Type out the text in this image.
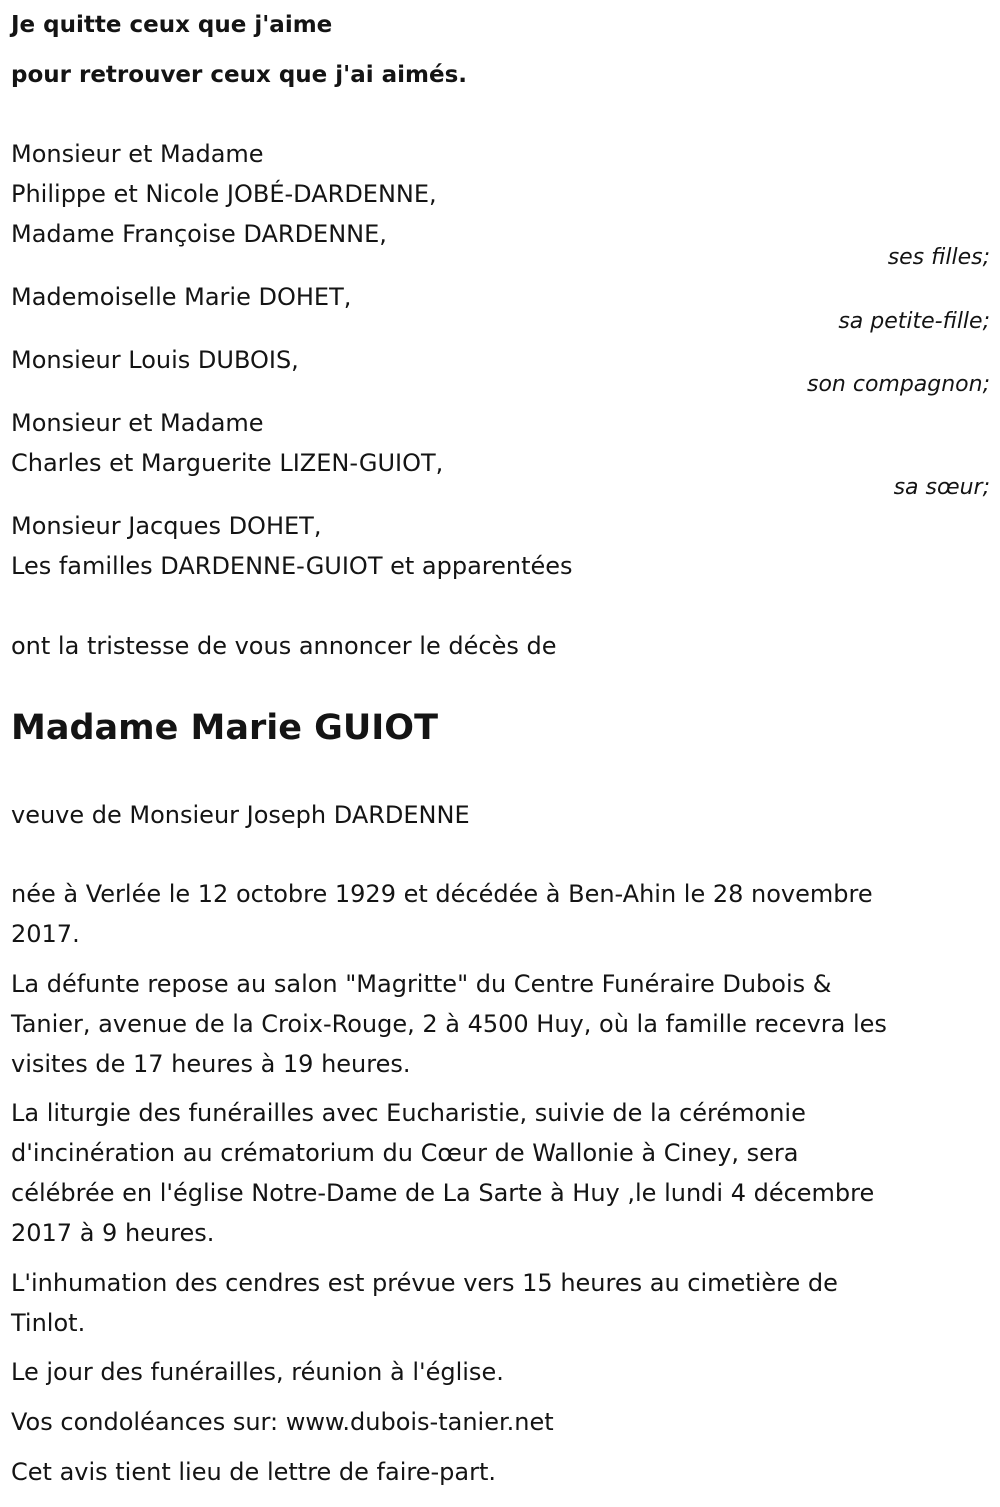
Je quitte ceux que j'aime

pour retrouver ceux que j'ai aimés.

Monsieur et Madame

Philippe et Nicole JOBÉ-DARDENNE,

Madame Françoise DARDENNE,

ses filles;

Mademoiselle Marie DOHET,

sa petite-fille;

Monsieur Louis DUBOIS,

son compagnon;

Monsieur et Madame

Charles et Marguerite LIZEN-GUIOT,

sa sœur;

Monsieur Jacques DOHET,

Les familles DARDENNE-GUIOT et apparentées

ont la tristesse de vous annoncer le décès de

Madame Marie GUIOT

veuve de Monsieur Joseph DARDENNE

née à Verlée le 12 octobre 1929 et décédée à Ben-Ahin le 28 novembre

2017.

La défunte repose au salon "Magritte" du Centre Funéraire Dubois &

Tanier, avenue de la Croix-Rouge, 2 à 4500 Huy, où la famille recevra les

visites de 17 heures à 19 heures.

La liturgie des funérailles avec Eucharistie, suivie de la cérémonie

d'incinération au crématorium du Cœur de Wallonie à Ciney, sera

célébrée en l'église Notre-Dame de La Sarte à Huy ,le lundi 4 décembre

2017 à 9 heures.

L'inhumation des cendres est prévue vers 15 heures au cimetière de

Tinlot.

Le jour des funérailles, réunion à l'église.

Vos condoléances sur: www.dubois-tanier.net

Cet avis tient lieu de lettre de faire-part.
